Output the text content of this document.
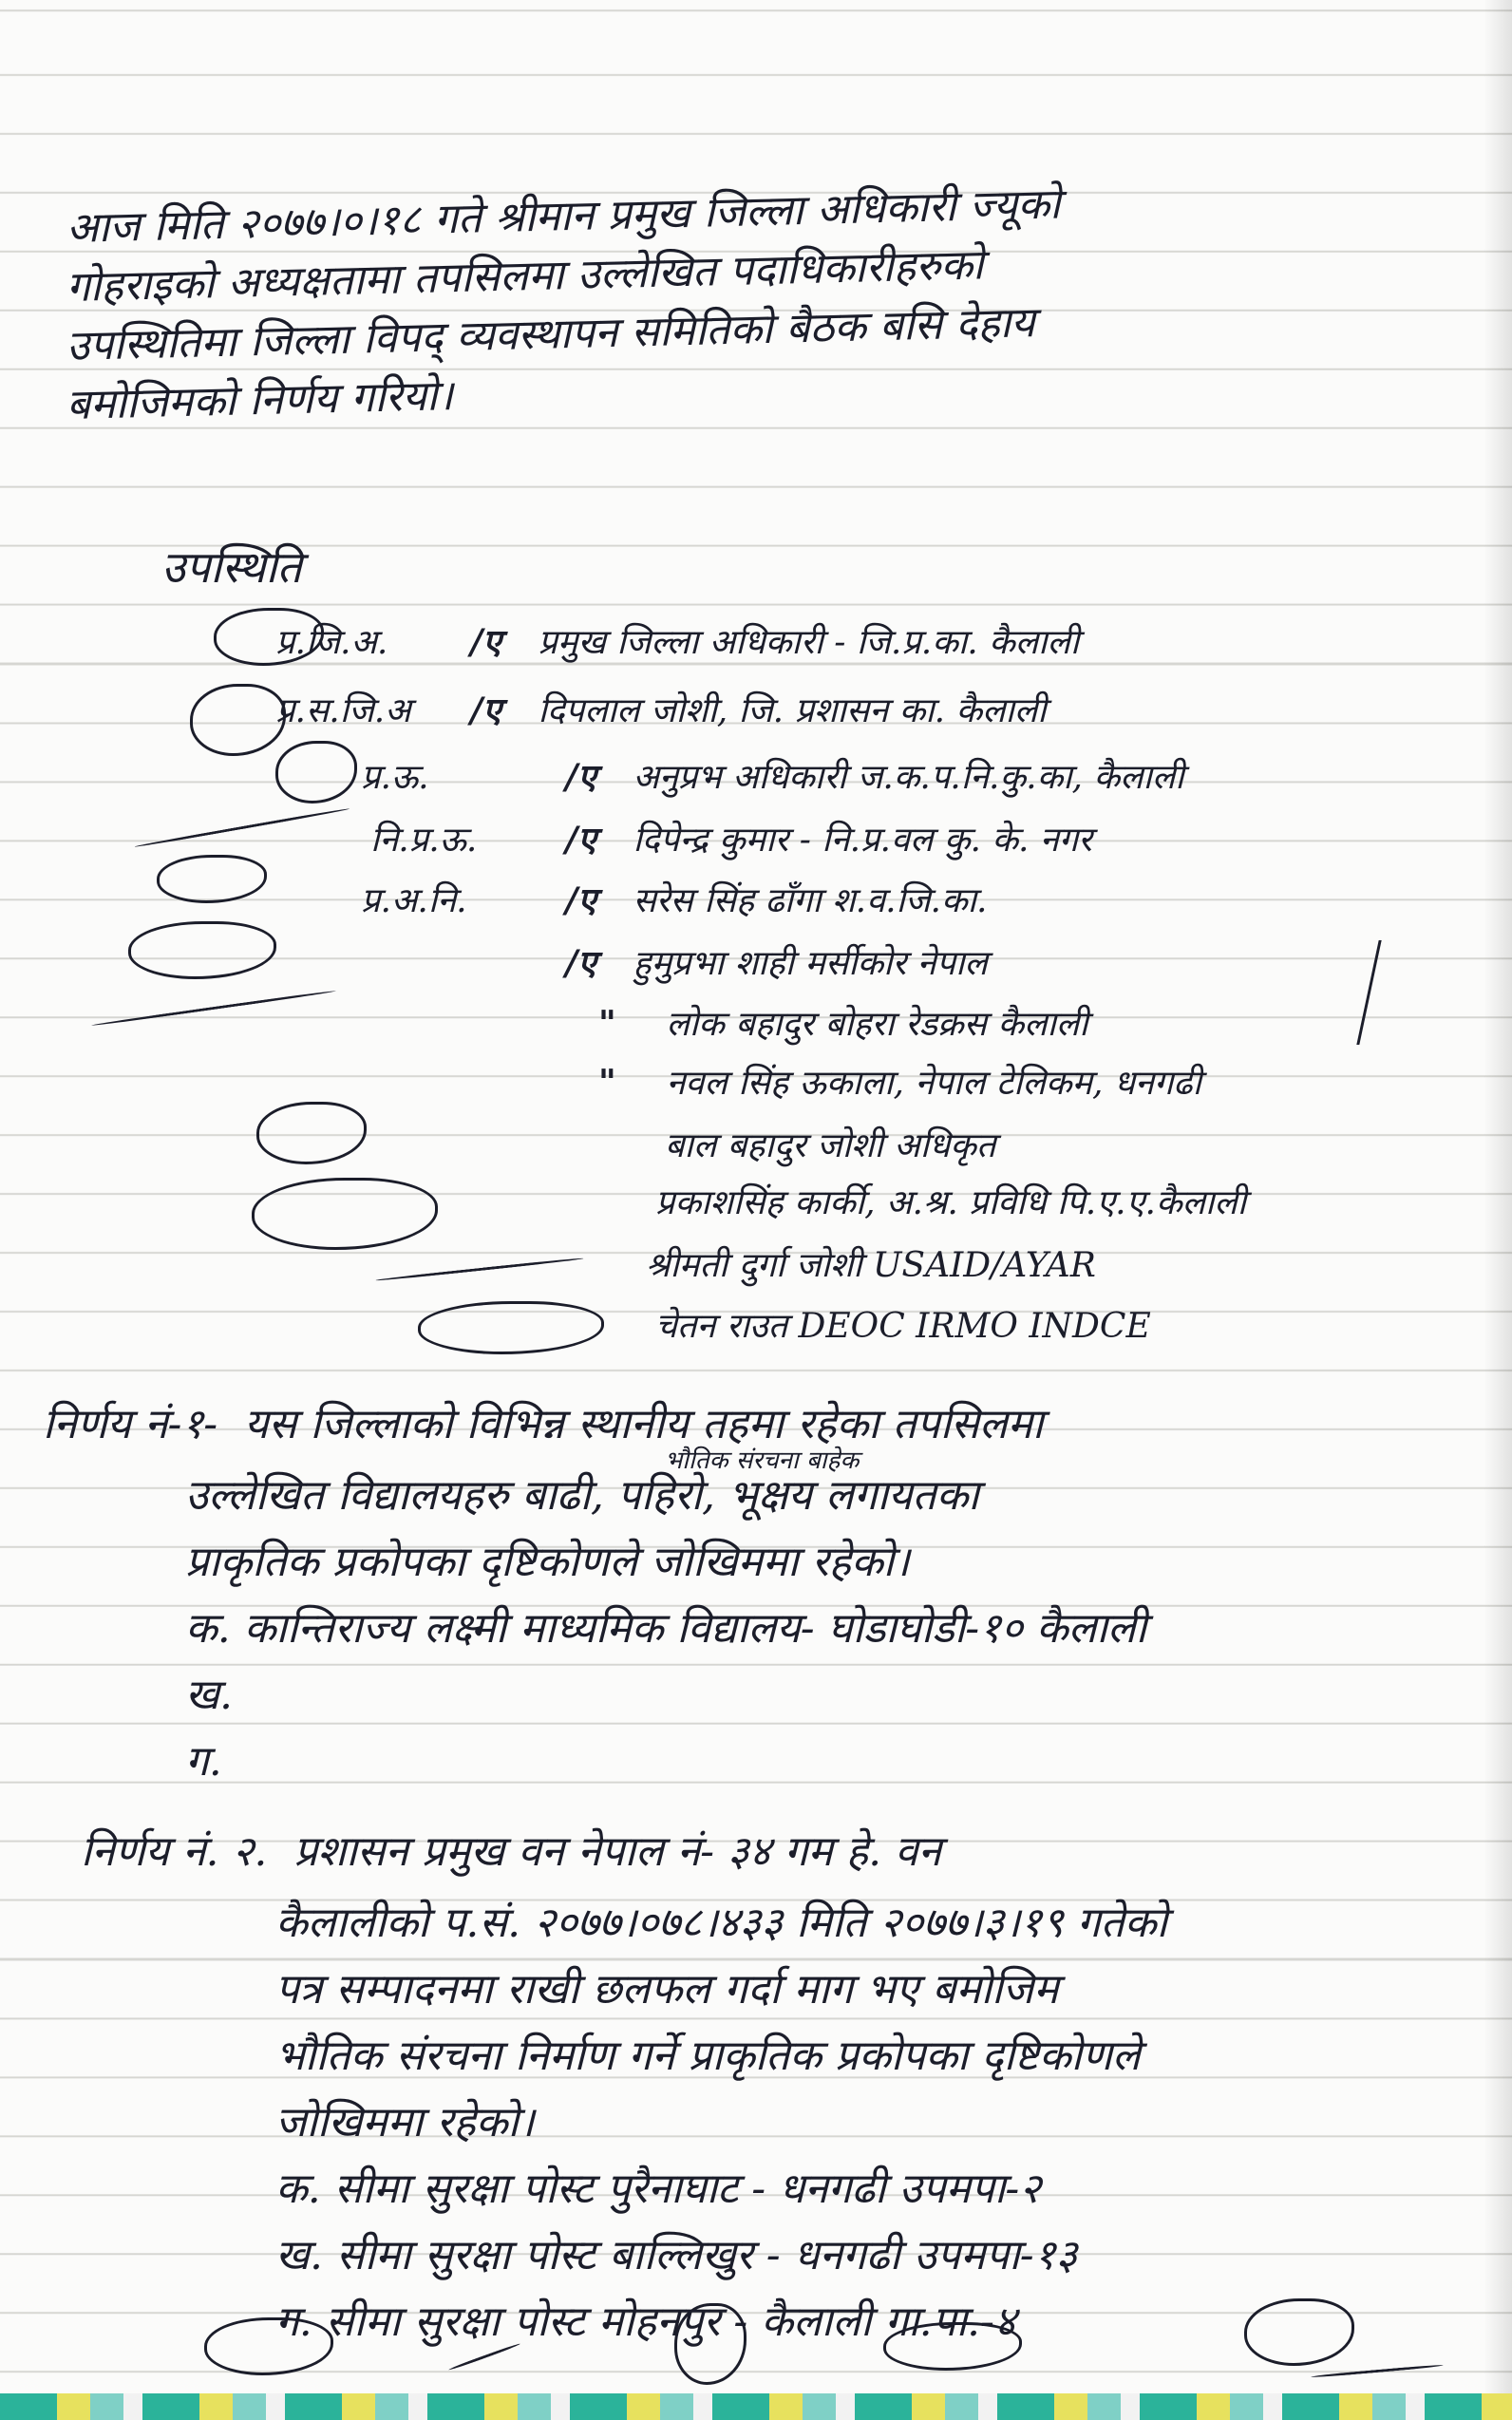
आज मिति २०७७।०।१८ गते श्रीमान प्रमुख जिल्ला अधिकारी ज्यूको
गोहराइको अध्यक्षतामा तपसिलमा उल्लेखित पदाधिकारीहरुको
उपस्थितिमा जिल्ला विपद् व्यवस्थापन समितिको बैठक बसि देहाय
बमोजिमको निर्णय गरियो।
उपस्थिति
प्र.जि.अ. /ए प्रमुख जिल्ला अधिकारी - जि.प्र.का. कैलाली
प्र.स.जि.अ /ए दिपलाल जोशी, जि. प्रशासन का. कैलाली
प्र.ऊ.	/ए अनुप्रभ अधिकारी ज.क.प.नि.कु.का, कैलाली
नि.प्र.ऊ.	/ए दिपेन्द्र कुमार - नि.प्र.वल कु. के. नगर
प्र.अ.नि.	/ए सरेस सिंह ढाँगा श.व.जि.का.
/ए हुमुप्रभा शाही मर्सीकोर नेपाल
" लोक बहादुर बोहरा रेडक्रस कैलाली
" नवल सिंह ऊकाला, नेपाल टेलिकम, धनगढी
बाल बहादुर जोशी अधिकृत
प्रकाशसिंह कार्की, अ.श्र. प्रविधि पि.ए.ए.कैलाली
श्रीमती दुर्गा जोशी USAID/AYAR
चेतन राउत DEOC IRMO INDCE
निर्णय नं-१- यस जिल्लाको विभिन्न स्थानीय तहमा रहेका तपसिलमा
भौतिक संरचना बाहेक
उल्लेखित विद्यालयहरु बाढी, पहिरो, भूक्षय लगायतका
प्राकृतिक प्रकोपका दृष्टिकोणले जोखिममा रहेको।
क. कान्तिराज्य लक्ष्मी माध्यमिक विद्यालय- घोडाघोडी-१० कैलाली
ख.
ग.
निर्णय नं. २. प्रशासन प्रमुख वन नेपाल नं- ३४ गम हे. वन
कैलालीको प.सं. २०७७।०७८।४३३ मिति २०७७।३।१९ गतेको
पत्र सम्पादनमा राखी छलफल गर्दा माग भए बमोजिम
भौतिक संरचना निर्माण गर्ने प्राकृतिक प्रकोपका दृष्टिकोणले
जोखिममा रहेको।
क. सीमा सुरक्षा पोस्ट पुरैनाघाट - धनगढी उपमपा-२
ख. सीमा सुरक्षा पोस्ट बाल्लिखुर - धनगढी उपमपा-१३
ग. सीमा सुरक्षा पोस्ट मोहनपुर - कैलाली गा.पा.-४
